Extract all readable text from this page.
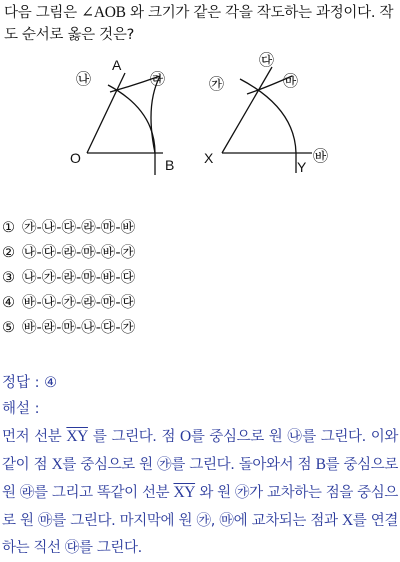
다음 그림은 ∠AOB 와 크기가 같은 각을 작도하는 과정이다. 작도 순서로 옳은 것은?
A
O	B X
Y
㉯	㉱	㉮
㉰
㉲
㉳
① ㉮-㉯-㉰-㉱-㉲-㉳
② ㉯-㉰-㉱-㉲-㉳-㉮
③ ㉯-㉮-㉱-㉲-㉳-㉰
④ ㉳-㉯-㉮-㉱-㉲-㉰
⑤ ㉳-㉱-㉲-㉯-㉰-㉮
정답 : ④
해설 :
먼저 선분 $\overline{XY}$ 를 그린다. 점 O를 중심으로 원 ㉯를 그린다. 이와 같이 점 X를 중심으로 원 ㉮를 그린다. 돌아와서 점 B를 중심으로 원 ㉱를 그리고 똑같이 선분 $\overline{XY}$ 와 원 ㉮가 교차하는 점을 중심으로 원 ㉲를 그린다. 마지막에 원 ㉮, ㉲에 교차되는 점과 X를 연결하는 직선 ㉰를 그린다.
